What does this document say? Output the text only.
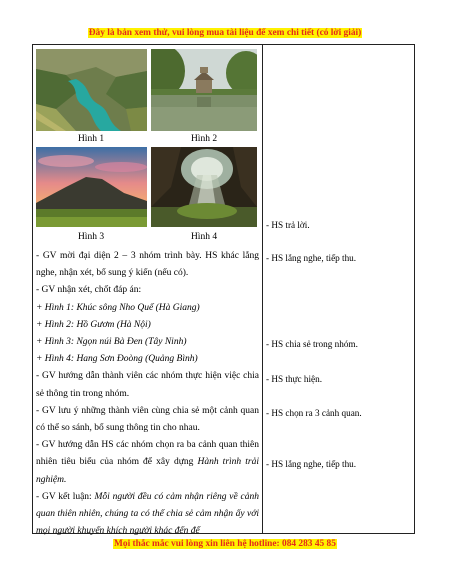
Đây là bản xem thử, vui lòng mua tài liệu để xem chi tiết (có lời giải)
Hình 1	Hình 2
Hình 3	Hình 4

- GV mời đại diện 2 – 3 nhóm trình bày. HS khác lắng nghe, nhận xét, bổ sung ý kiến (nếu có).

- GV nhận xét, chốt đáp án:

+ Hình 1: Khúc sông Nho Quế (Hà Giang)

+ Hình 2: Hồ Gươm (Hà Nội)

+ Hình 3: Ngọn núi Bà Đen (Tây Ninh)

+ Hình 4: Hang Sơn Đoòng (Quảng Bình)

- GV hướng dẫn thành viên các nhóm thực hiện việc chia sẻ thông tin trong nhóm.

- GV lưu ý những thành viên cùng chia sẻ một cảnh quan có thể so sánh, bổ sung thông tin cho nhau.

- GV hướng dẫn HS các nhóm chọn ra ba cảnh quan thiên nhiên tiêu biểu của nhóm để xây dựng Hành trình trải nghiệm.

- GV kết luận: Mỗi người đều có cảm nhận riêng về cảnh quan thiên nhiên, chúng ta có thể chia sẻ cảm nhận ấy với mọi người khuyến khích người khác đến để

- HS trả lời.
- HS lắng nghe, tiếp thu.
- HS chia sẻ trong nhóm.
- HS thực hiện.
- HS chọn ra 3 cảnh quan.
- HS lắng nghe, tiếp thu.
Mọi thắc mắc vui lòng xin liên hệ hotline: 084 283 45 85
